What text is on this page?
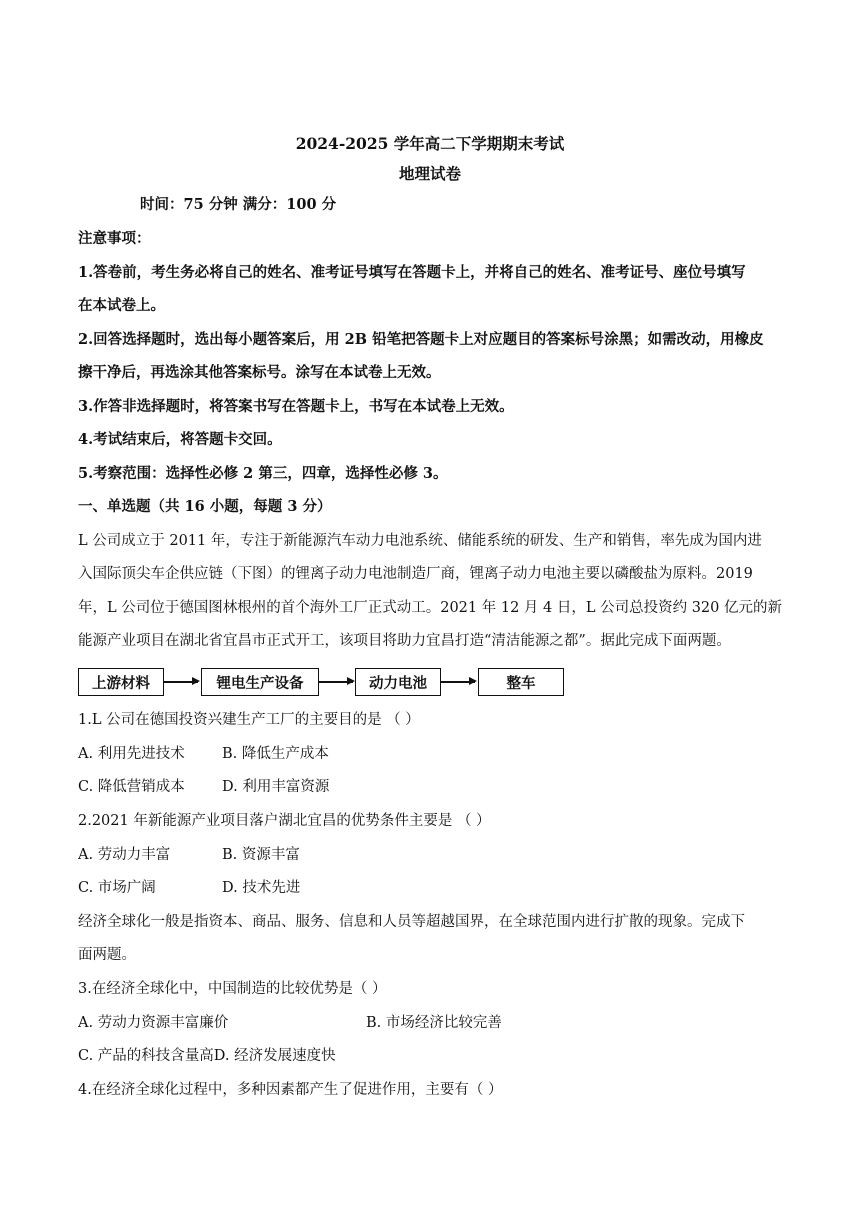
2024-2025 学年高二下学期期末考试
地理试卷
时间：75 分钟 满分：100 分
注意事项：
1.答卷前，考生务必将自己的姓名、准考证号填写在答题卡上，并将自己的姓名、准考证号、座位号填写
在本试卷上。
2.回答选择题时，选出每小题答案后，用 2B 铅笔把答题卡上对应题目的答案标号涂黑；如需改动，用橡皮
擦干净后，再选涂其他答案标号。涂写在本试卷上无效。
3.作答非选择题时，将答案书写在答题卡上，书写在本试卷上无效。
4.考试结束后，将答题卡交回。
5.考察范围：选择性必修 2 第三，四章，选择性必修 3。
一、单选题（共 16 小题，每题 3 分）
L 公司成立于 2011 年，专注于新能源汽车动力电池系统、储能系统的研发、生产和销售，率先成为国内进
入国际顶尖车企供应链（下图）的锂离子动力电池制造厂商，锂离子动力电池主要以磷酸盐为原料。2019
年，L 公司位于德国图林根州的首个海外工厂正式动工。2021 年 12 月 4 日，L 公司总投资约 320 亿元的新
能源产业项目在湖北省宜昌市正式开工，该项目将助力宜昌打造“清洁能源之都”。据此完成下面两题。
上游材料	锂电生产设备	动力电池	整车
1.L 公司在德国投资兴建生产工厂的主要目的是 （ ）
A. 利用先进技术	B. 降低生产成本
C. 降低营销成本	D. 利用丰富资源
2.2021 年新能源产业项目落户湖北宜昌的优势条件主要是 （ ）
A. 劳动力丰富	B. 资源丰富
C. 市场广阔	D. 技术先进
经济全球化一般是指资本、商品、服务、信息和人员等超越国界，在全球范围内进行扩散的现象。完成下
面两题。
3.在经济全球化中，中国制造的比较优势是（ ）
A. 劳动力资源丰富廉价	B. 市场经济比较完善
C. 产品的科技含量高D. 经济发展速度快
4.在经济全球化过程中，多种因素都产生了促进作用，主要有（ ）
